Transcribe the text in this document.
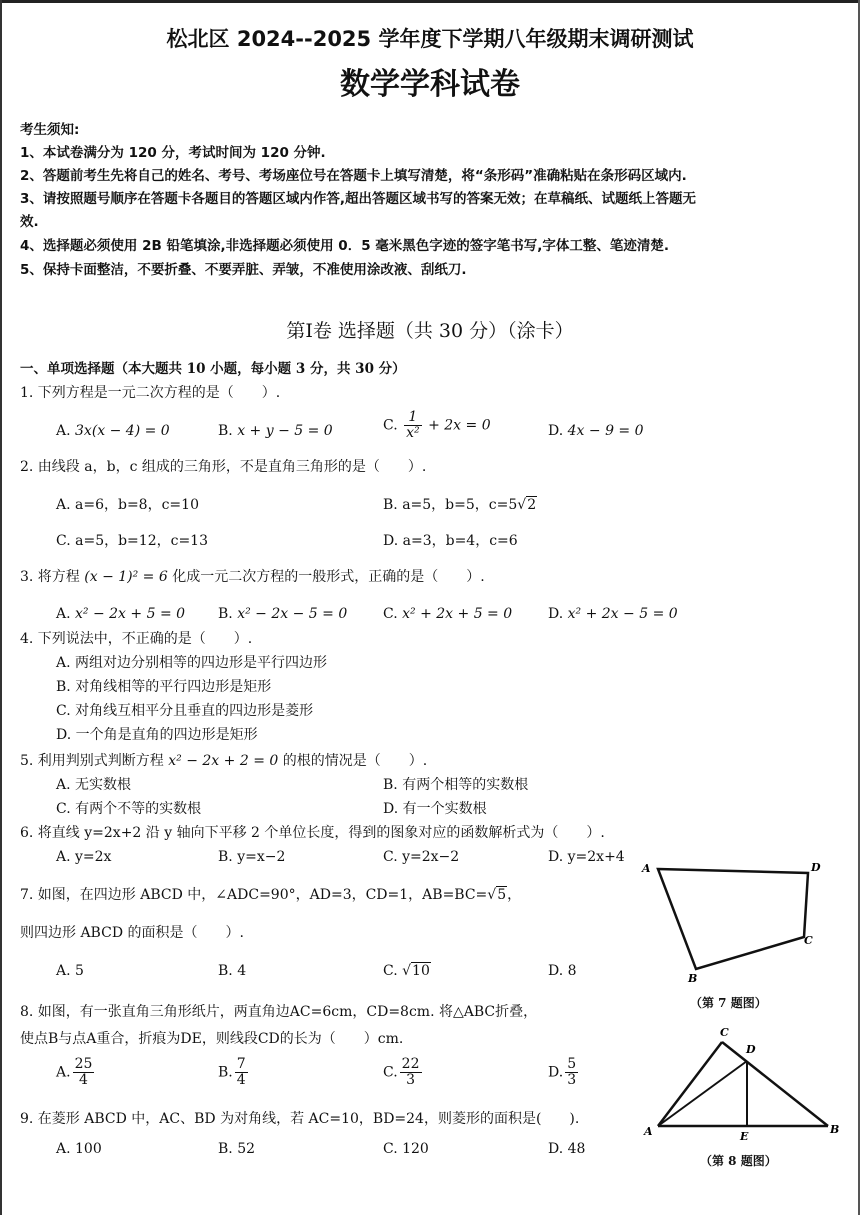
松北区 2024--2025 学年度下学期八年级期末调研测试
数学学科试卷
考生须知:
1、本试卷满分为 120 分，考试时间为 120 分钟.
2、答题前考生先将自己的姓名、考号、考场座位号在答题卡上填写清楚，将“条形码”准确粘贴在条形码区域内.
3、请按照题号顺序在答题卡各题目的答题区域内作答,超出答题区域书写的答案无效；在草稿纸、试题纸上答题无
效.
4、选择题必须使用 2B 铅笔填涂,非选择题必须使用 0．5 毫米黑色字迹的签字笔书写,字体工整、笔迹清楚.
5、保持卡面整洁，不要折叠、不要弄脏、弄皱，不准使用涂改液、刮纸刀.
第Ⅰ卷 选择题（共 30 分）（涂卡）
一、单项选择题（本大题共 10 小题，每小题 3 分，共 30 分）
1. 下列方程是一元二次方程的是（　　）.
A. 3x(x − 4) = 0	B. x + y − 5 = 0	C. $\frac{1}{\text{x²}} + 2x = 0$	D. 4x − 9 = 0
2. 由线段 a，b，c 组成的三角形，不是直角三角形的是（　　）.
A. a=6，b=8，c=10	B. a=5，b=5，c=5√2
C. a=5，b=12，c=13	D. a=3，b=4，c=6
3. 将方程 (x − 1)² = 6 化成一元二次方程的一般形式，正确的是（　　）.
A. x² − 2x + 5 = 0 B. x² − 2x − 5 = 0	C. x² + 2x + 5 = 0	D. x² + 2x − 5 = 0
4. 下列说法中，不正确的是（　　）.
A. 两组对边分别相等的四边形是平行四边形
B. 对角线相等的平行四边形是矩形
C. 对角线互相平分且垂直的四边形是菱形
D. 一个角是直角的四边形是矩形
5. 利用判别式判断方程 x² − 2x + 2 = 0 的根的情况是（　　）.
A. 无实数根	B. 有两个相等的实数根
C. 有两个不等的实数根	D. 有一个实数根
6. 将直线 y=2x+2 沿 y 轴向下平移 2 个单位长度，得到的图象对应的函数解析式为（　　）.
A. y=2x	B. y=x−2	C. y=2x−2	D. y=2x+4
7. 如图，在四边形 ABCD 中，∠ADC=90°，AD=3，CD=1，AB=BC=√5，
则四边形 ABCD 的面积是（　　）.
A. 5	B. 4	C. √10	D. 8
A	D
C
B
（第 7 题图）
8. 如图，有一张直角三角形纸片，两直角边AC=6cm，CD=8cm. 将△ABC折叠，
使点B与点A重合，折痕为DE，则线段CD的长为（　　）cm.
A. $\frac{25}{4}$	B. $\frac{7}{4}$	C. $\frac{22}{3}$	D. $\frac{5}{3}$
C
D
A	E
B
（第 8 题图）
9. 在菱形 ABCD 中，AC、BD 为对角线，若 AC=10，BD=24，则菱形的面积是(　　).
A. 100	B. 52	C. 120	D. 48
